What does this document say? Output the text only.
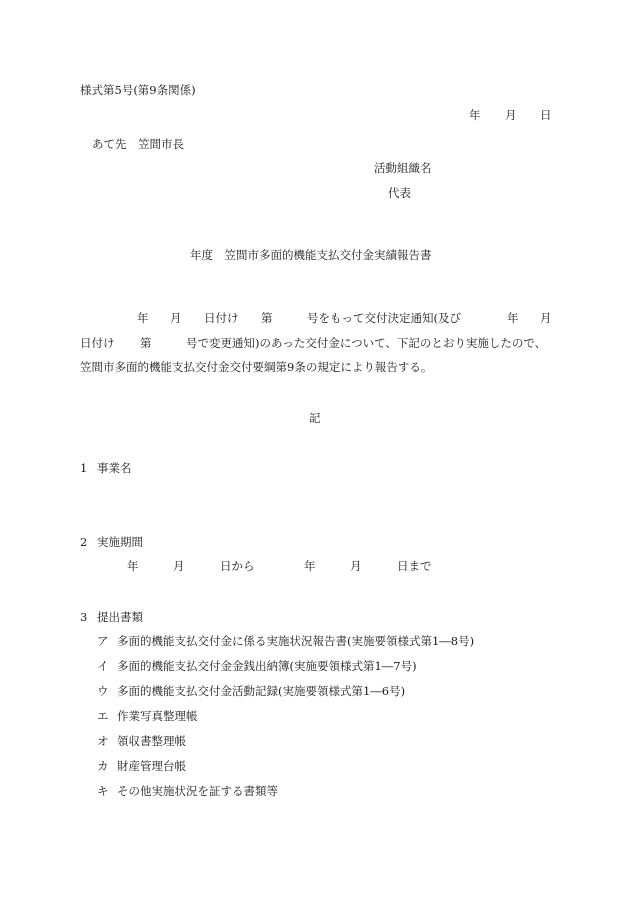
様式第5号(第9条関係)
年 月 日
あて先　笠間市長
活動組織名
代表
年度　笠間市多面的機能支払交付金実績報告書
年 月 日付け 第	号をもって交付決定通知(及び	年 月
日付け 第	号で変更通知)のあった交付金について、下記のとおり実施したので、
笠間市多面的機能支払交付金交付要綱第9条の規定により報告する。
記
1 事業名
2 実施期間
年	月	日から	年	月	日まで
3 提出書類
ア 多面的機能支払交付金に係る実施状況報告書(実施要領様式第1―8号)
イ 多面的機能支払交付金金銭出納簿(実施要領様式第1―7号)
ウ 多面的機能支払交付金活動記録(実施要領様式第1―6号)
エ 作業写真整理帳
オ 領収書整理帳
カ 財産管理台帳
キ その他実施状況を証する書類等
